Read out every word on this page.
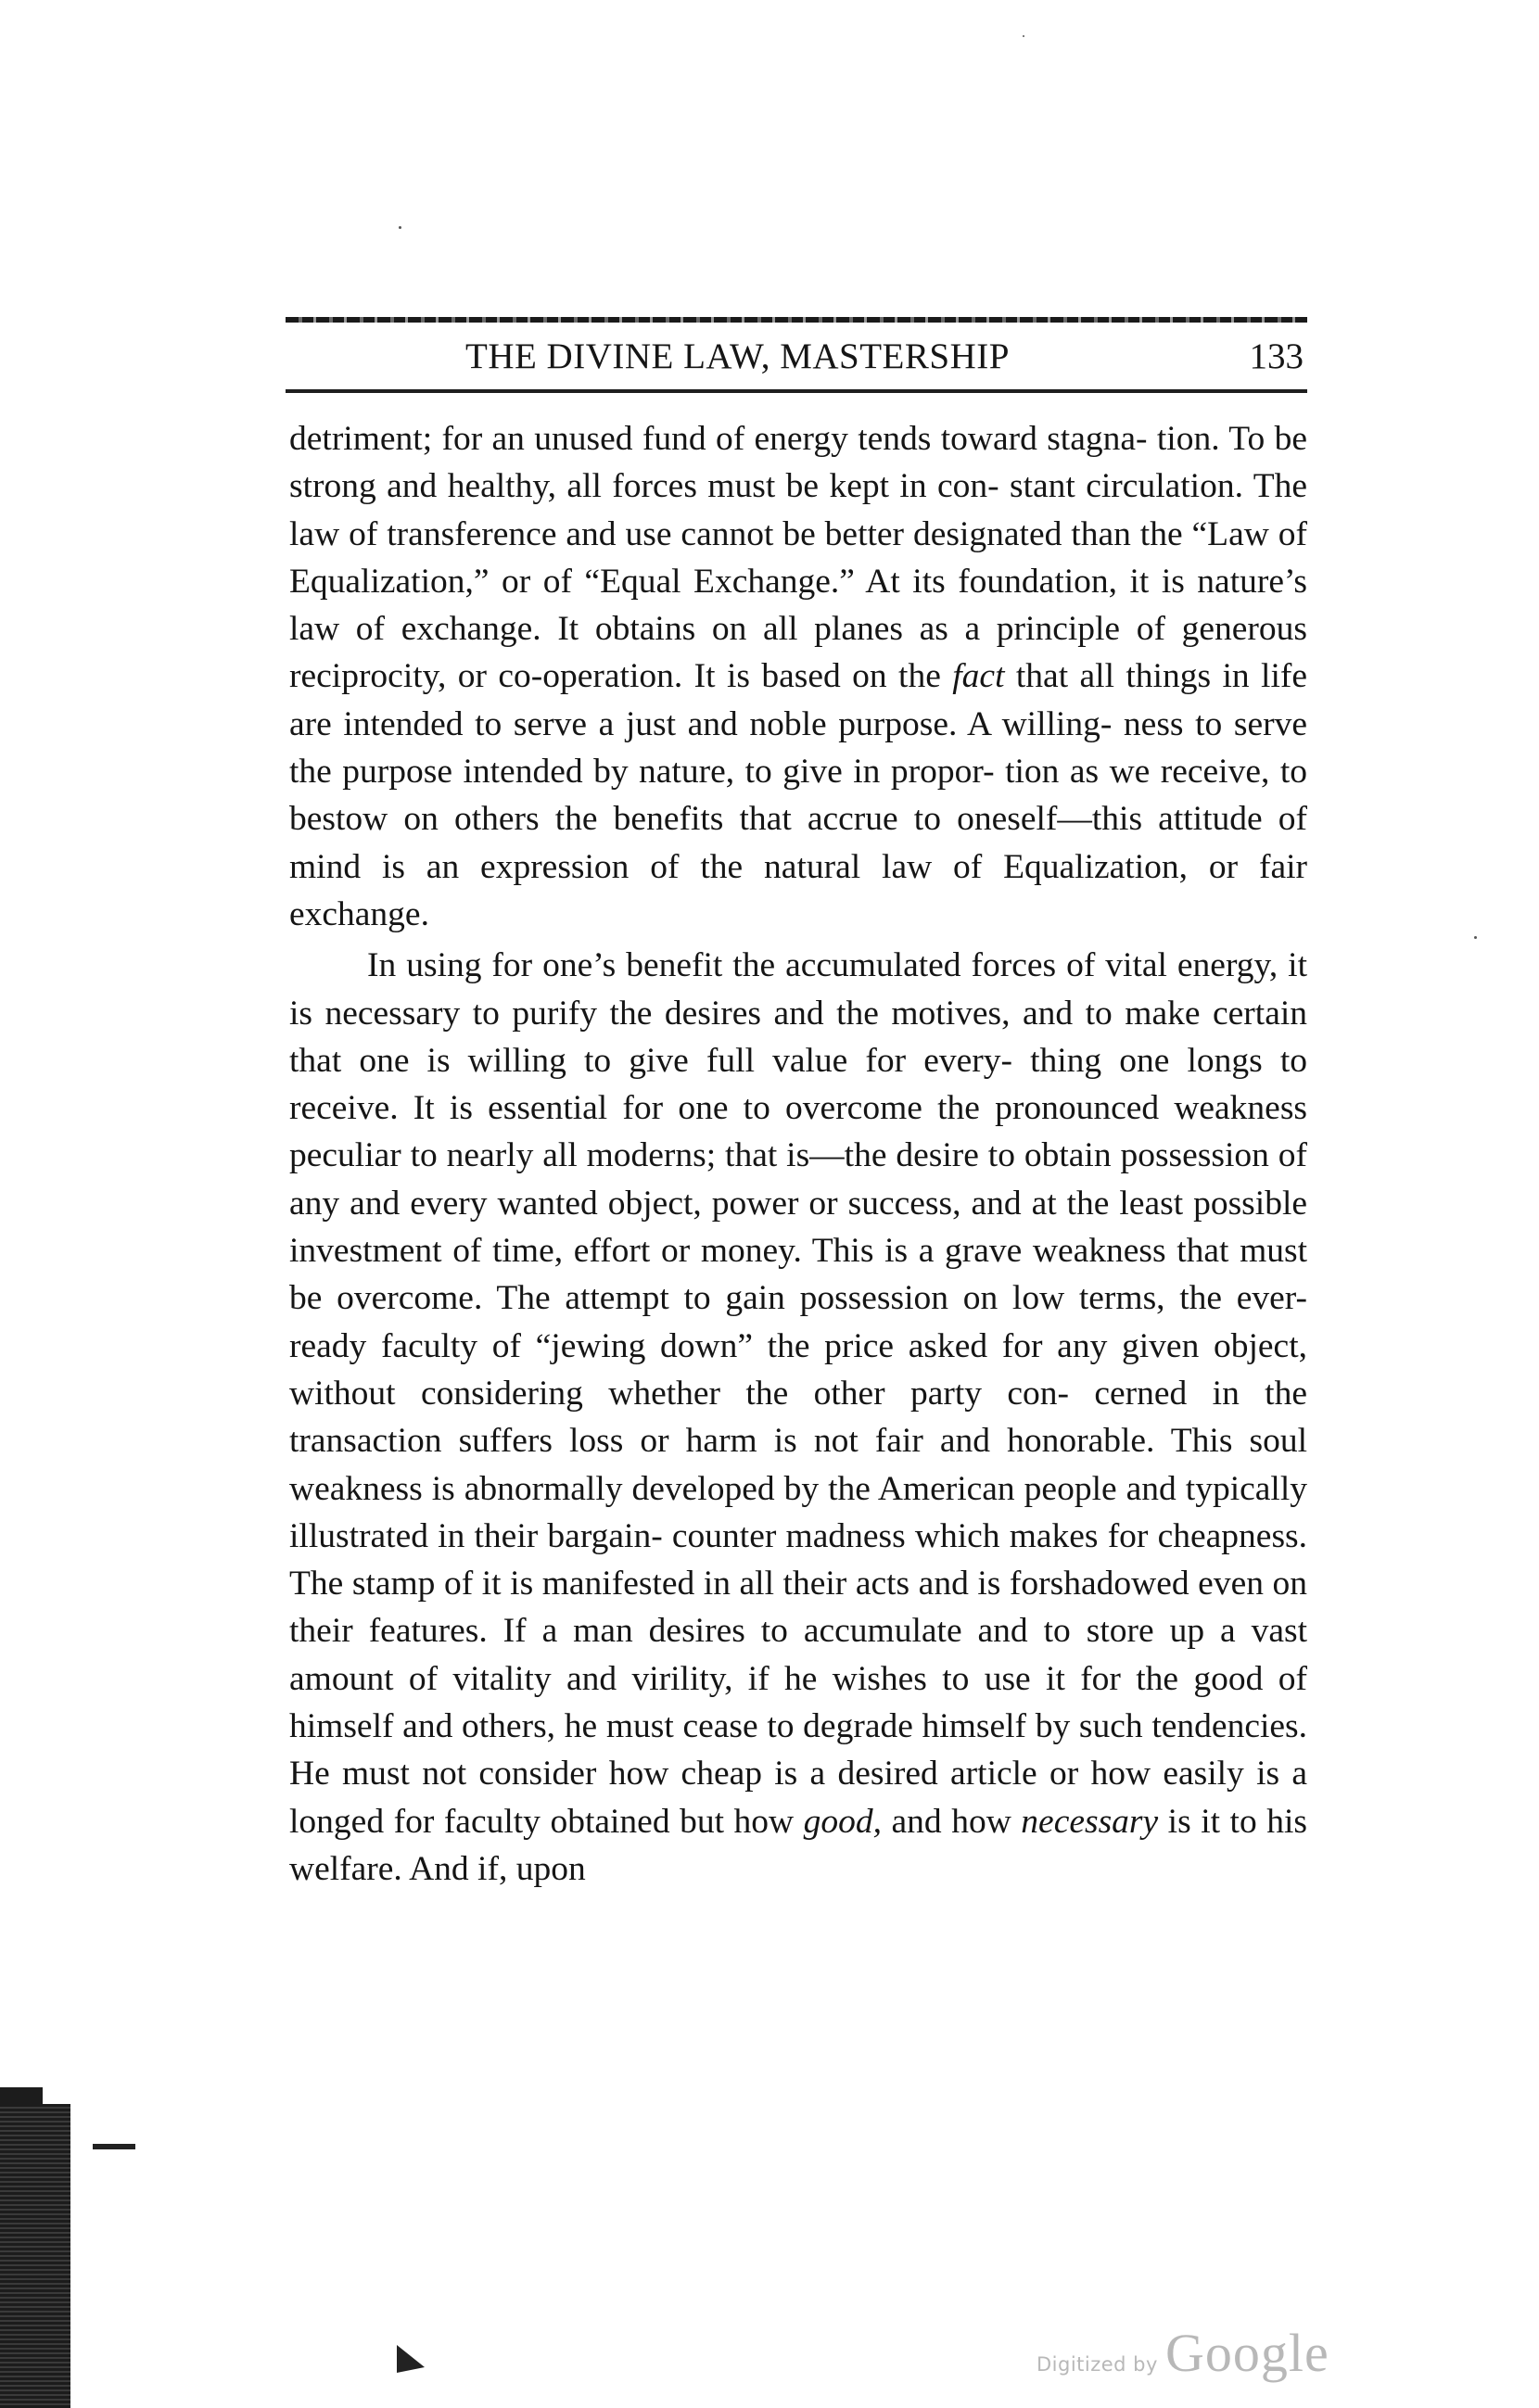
THE DIVINE LAW, MASTERSHIP	133

detriment; for an unused fund of energy tends toward stagna- tion. To be strong and healthy, all forces must be kept in con- stant circulation. The law of transference and use cannot be better designated than the “Law of Equalization,” or of “Equal Exchange.” At its foundation, it is nature’s law of exchange. It obtains on all planes as a principle of generous reciprocity, or co-operation. It is based on the fact that all things in life are intended to serve a just and noble purpose. A willing- ness to serve the purpose intended by nature, to give in propor- tion as we receive, to bestow on others the benefits that accrue to oneself—this attitude of mind is an expression of the natural law of Equalization, or fair exchange.

In using for one’s benefit the accumulated forces of vital energy, it is necessary to purify the desires and the motives, and to make certain that one is willing to give full value for every- thing one longs to receive. It is essential for one to overcome the pronounced weakness peculiar to nearly all moderns; that is—the desire to obtain possession of any and every wanted object, power or success, and at the least possible investment of time, effort or money. This is a grave weakness that must be overcome. The attempt to gain possession on low terms, the ever-ready faculty of “jewing down” the price asked for any given object, without considering whether the other party con- cerned in the transaction suffers loss or harm is not fair and honorable. This soul weakness is abnormally developed by the American people and typically illustrated in their bargain- counter madness which makes for cheapness. The stamp of it is manifested in all their acts and is forshadowed even on their features. If a man desires to accumulate and to store up a vast amount of vitality and virility, if he wishes to use it for the good of himself and others, he must cease to degrade himself by such tendencies. He must not consider how cheap is a desired article or how easily is a longed for faculty obtained but how good, and how necessary is it to his welfare. And if, upon

Digitized by Google
